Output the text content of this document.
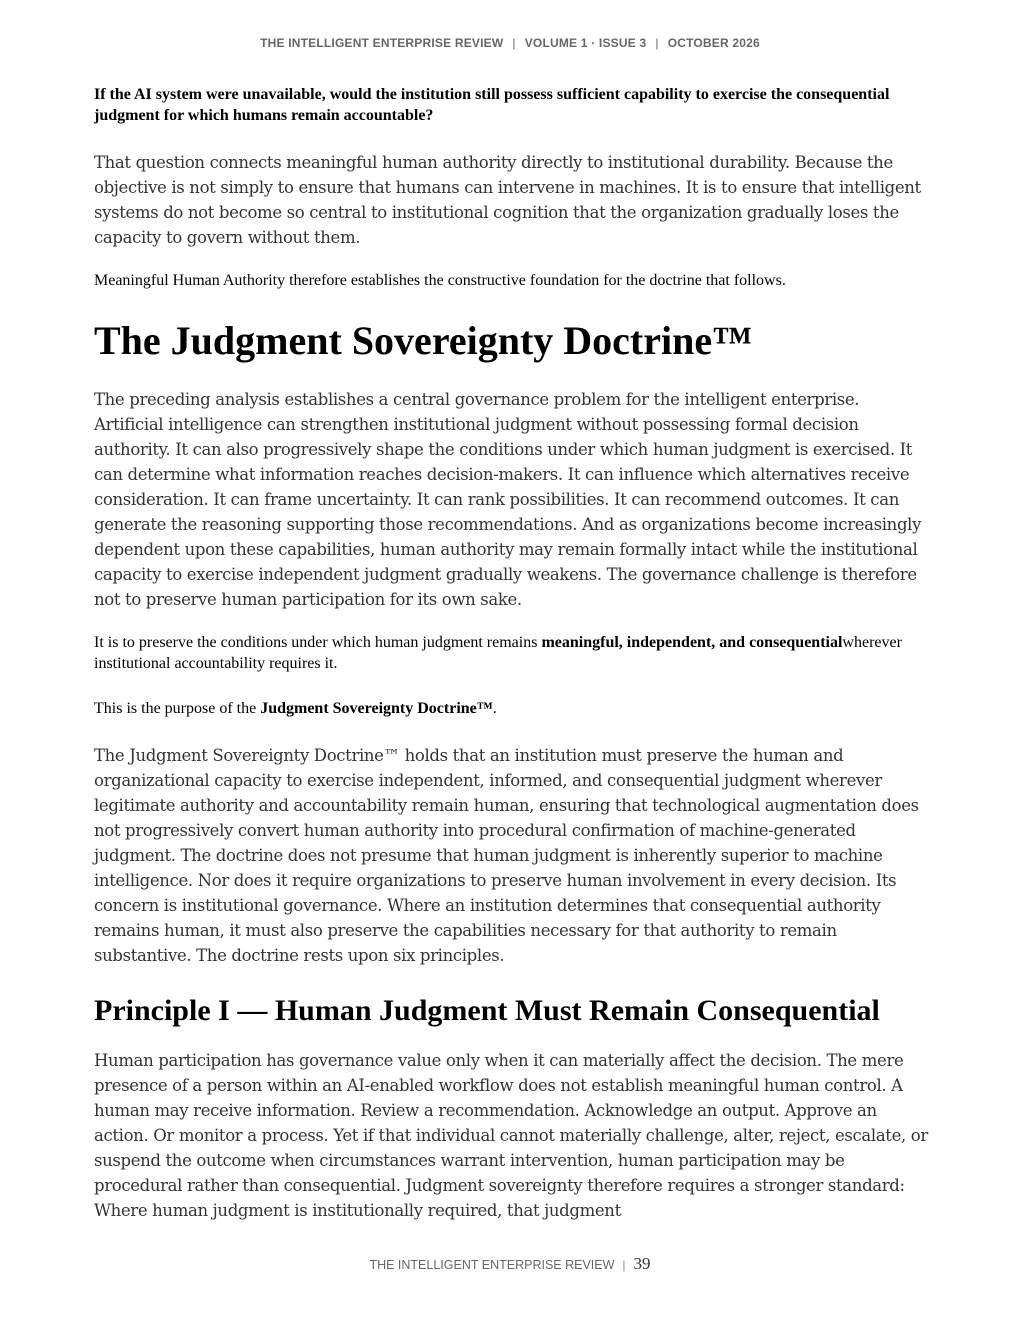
THE INTELLIGENT ENTERPRISE REVIEW | VOLUME 1 · ISSUE 3 | OCTOBER 2026

If the AI system were unavailable, would the institution still possess sufficient capability to exercise the consequential judgment for which humans remain accountable?

That question connects meaningful human authority directly to institutional durability. Because the objective is not simply to ensure that humans can intervene in machines. It is to ensure that intelligent systems do not become so central to institutional cognition that the organization gradually loses the capacity to govern without them.

Meaningful Human Authority therefore establishes the constructive foundation for the doctrine that follows.

The Judgment Sovereignty Doctrine™

The preceding analysis establishes a central governance problem for the intelligent enterprise. Artificial intelligence can strengthen institutional judgment without possessing formal decision authority. It can also progressively shape the conditions under which human judgment is exercised. It can determine what information reaches decision-makers. It can influence which alternatives receive consideration. It can frame uncertainty. It can rank possibilities. It can recommend outcomes. It can generate the reasoning supporting those recommendations. And as organizations become increasingly dependent upon these capabilities, human authority may remain formally intact while the institutional capacity to exercise independent judgment gradually weakens. The governance challenge is therefore not to preserve human participation for its own sake.

It is to preserve the conditions under which human judgment remains meaningful, independent, and consequentialwherever institutional accountability requires it.

This is the purpose of the Judgment Sovereignty Doctrine™.

The Judgment Sovereignty Doctrine™ holds that an institution must preserve the human and organizational capacity to exercise independent, informed, and consequential judgment wherever legitimate authority and accountability remain human, ensuring that technological augmentation does not progressively convert human authority into procedural confirmation of machine-generated judgment. The doctrine does not presume that human judgment is inherently superior to machine intelligence. Nor does it require organizations to preserve human involvement in every decision. Its concern is institutional governance. Where an institution determines that consequential authority remains human, it must also preserve the capabilities necessary for that authority to remain substantive. The doctrine rests upon six principles.

Principle I — Human Judgment Must Remain Consequential

Human participation has governance value only when it can materially affect the decision. The mere presence of a person within an AI-enabled workflow does not establish meaningful human control. A human may receive information. Review a recommendation. Acknowledge an output. Approve an action. Or monitor a process. Yet if that individual cannot materially challenge, alter, reject, escalate, or suspend the outcome when circumstances warrant intervention, human participation may be procedural rather than consequential. Judgment sovereignty therefore requires a stronger standard: Where human judgment is institutionally required, that judgment

THE INTELLIGENT ENTERPRISE REVIEW | 39
